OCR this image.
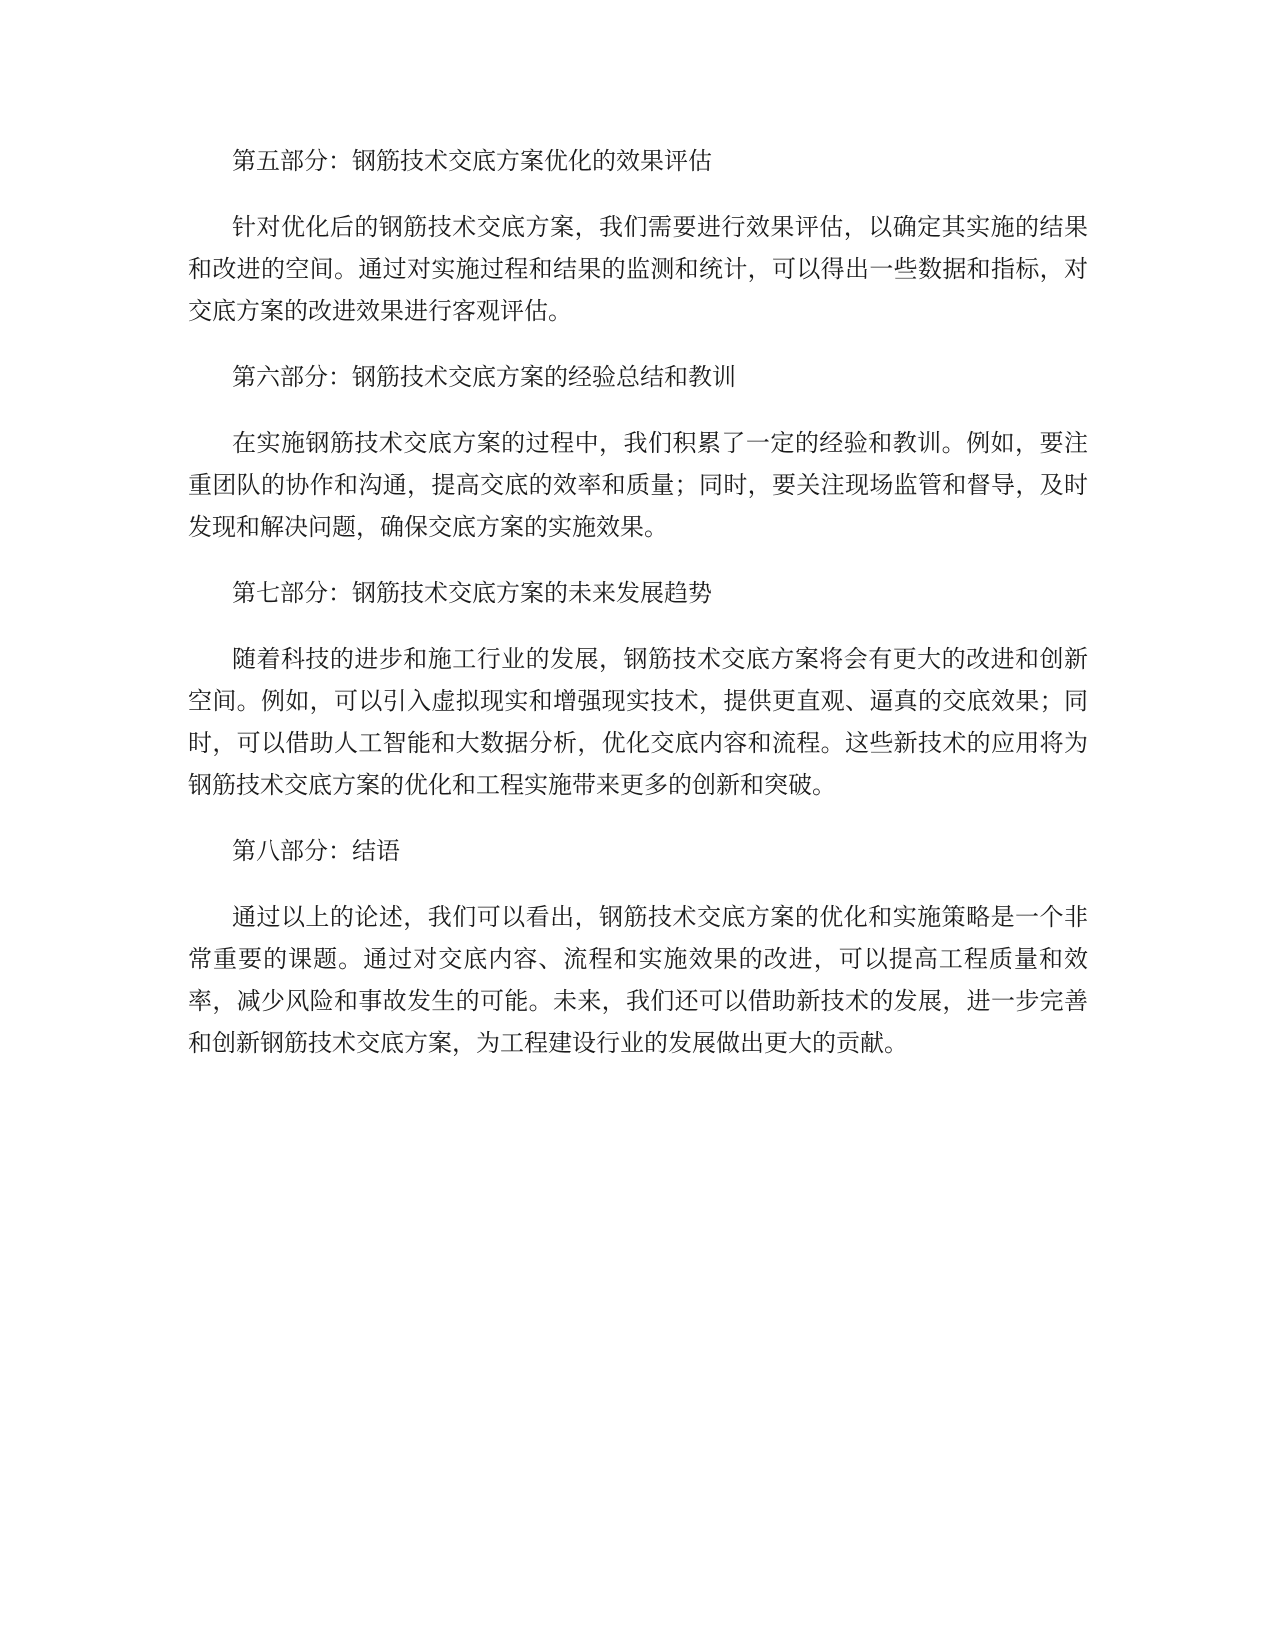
第五部分：钢筋技术交底方案优化的效果评估

针对优化后的钢筋技术交底方案，我们需要进行效果评估，以确定其实施的结果和改进的空间。通过对实施过程和结果的监测和统计，可以得出一些数据和指标，对交底方案的改进效果进行客观评估。

第六部分：钢筋技术交底方案的经验总结和教训

在实施钢筋技术交底方案的过程中，我们积累了一定的经验和教训。例如，要注重团队的协作和沟通，提高交底的效率和质量；同时，要关注现场监管和督导，及时发现和解决问题，确保交底方案的实施效果。

第七部分：钢筋技术交底方案的未来发展趋势

随着科技的进步和施工行业的发展，钢筋技术交底方案将会有更大的改进和创新空间。例如，可以引入虚拟现实和增强现实技术，提供更直观、逼真的交底效果；同时，可以借助人工智能和大数据分析，优化交底内容和流程。这些新技术的应用将为钢筋技术交底方案的优化和工程实施带来更多的创新和突破。

第八部分：结语

通过以上的论述，我们可以看出，钢筋技术交底方案的优化和实施策略是一个非常重要的课题。通过对交底内容、流程和实施效果的改进，可以提高工程质量和效率，减少风险和事故发生的可能。未来，我们还可以借助新技术的发展，进一步完善和创新钢筋技术交底方案，为工程建设行业的发展做出更大的贡献。
